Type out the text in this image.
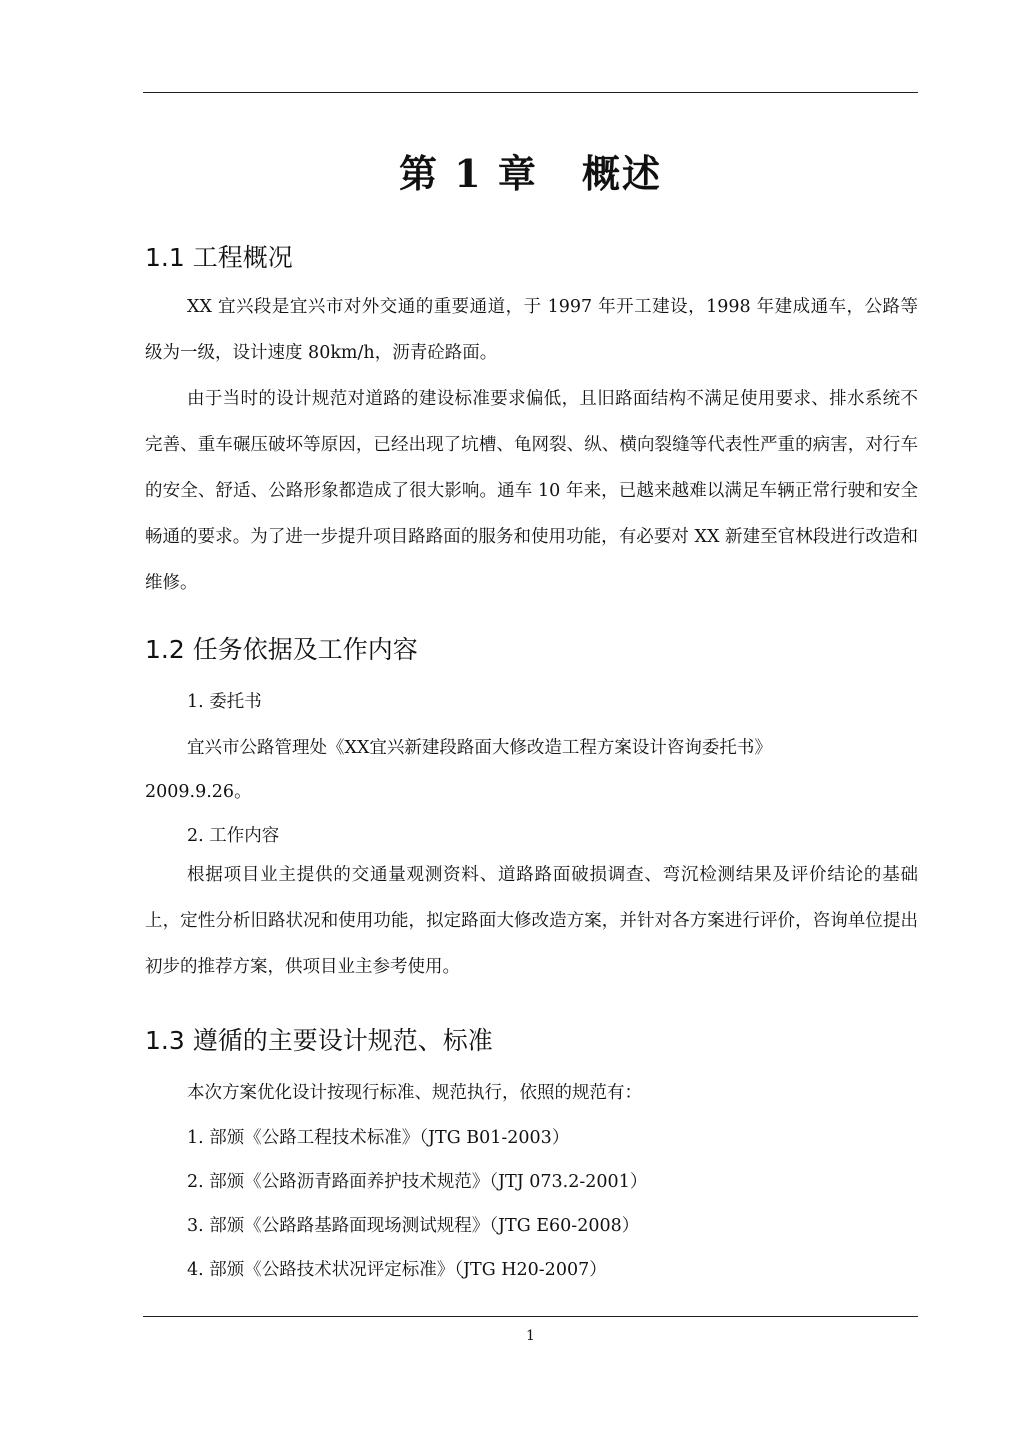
第 1 章 概述
1.1 工程概况
XX 宜兴段是宜兴市对外交通的重要通道，于 1997 年开工建设，1998 年建成通车，公路等级为一级，设计速度 80km/h，沥青砼路面。
由于当时的设计规范对道路的建设标准要求偏低，且旧路面结构不满足使用要求、排水系统不完善、重车碾压破坏等原因，已经出现了坑槽、龟网裂、纵、横向裂缝等代表性严重的病害，对行车的安全、舒适、公路形象都造成了很大影响。通车 10 年来，已越来越难以满足车辆正常行驶和安全畅通的要求。为了进一步提升项目路路面的服务和使用功能，有必要对 XX 新建至官林段进行改造和维修。
1.2 任务依据及工作内容
1. 委托书
宜兴市公路管理处《XX宜兴新建段路面大修改造工程方案设计咨询委托书》
2009.9.26。
2. 工作内容
根据项目业主提供的交通量观测资料、道路路面破损调查、弯沉检测结果及评价结论的基础上，定性分析旧路状况和使用功能，拟定路面大修改造方案，并针对各方案进行评价，咨询单位提出初步的推荐方案，供项目业主参考使用。
1.3 遵循的主要设计规范、标准
本次方案优化设计按现行标准、规范执行，依照的规范有：
1. 部颁《公路工程技术标准》（JTG B01-2003）
2. 部颁《公路沥青路面养护技术规范》（JTJ 073.2-2001）
3. 部颁《公路路基路面现场测试规程》（JTG E60-2008）
4. 部颁《公路技术状况评定标准》（JTG H20-2007）
1
